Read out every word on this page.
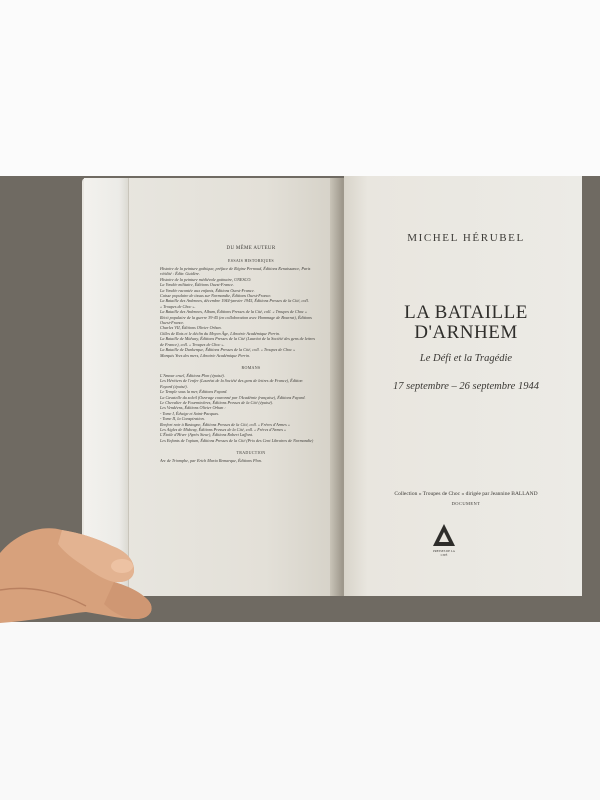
DU MÊME AUTEUR

ESSAIS HISTORIQUES

Histoire de la peinture gothique, préface de Régine Pernoud, Éditions Renaissance, Paris

réédité : Éditr. Guidère.

Histoire de la peinture médiévale gotinaire, UNESCO.

La Vendée militaire, Éditions Ouest-France.

La Vendée racontée aux enfants, Éditions Ouest-France.

Caisse populaire de tissus sur Normandie, Éditions Ouest-France.

La Bataille des Ardennes, décembre 1944-janvier 1945, Éditions Presses de la Cité, coll.

« Troupes de Choc ».

La Bataille des Ardennes, Album, Éditions Presses de la Cité, coll. « Troupes de Choc »

Récit populaire de la guerre 39-45 (en collaboration avec Hommage de Bourrat), Éditions

Ouest-France.

Charles VII, Éditions Olivier Orban.

Gilles de Rais et le déclin du Moyen Âge, Librairie Académique Perrin.

La Bataille de Midway, Éditions Presses de la Cité (Lauréat de la Société des gens de lettres

de France), coll. « Troupes de Choc ».

La Bataille de Dunkerque, Éditions Presses de la Cité, coll. « Troupes de Choc »

Marquis Yves des mers, Librairie Académique Perrin.

ROMANS

L'Amour cruel, Éditions Plon (épuisé).

Les Héritiers de l'enfer (Lauréat de la Société des gens de lettres de France), Édition

Fayard (épuisé).

Le Temple sous la mer, Éditions Fayard.

La Cavatelle du soleil (Ouvrage couronné par l'Académie française), Éditions Fayard.

Le Chevalier de Fourminières, Éditions Presses de la Cité (épuisé).

Les Vendéens, Éditions Olivier Orban :

- Tome I, Édwige et Saint-Pacquas.

- Tome II, la Conspiration.

Renfort noir à Bastogne, Éditions Presses de la Cité, coll. « Frères d'Armes »

Les Aigles de Midway, Éditions Presses de la Cité, coll. « Frères d'Armes »

L'Étoile d'Hiver (Après Sieur), Éditions Robert Laffont.

Les Enfants de l'opium, Éditions Presses de la Cité (Prix des Cent Libraires de Normandie)

TRADUCTION

Arc de Triomphe, par Erich Maria Remarque, Éditions Plon.

MICHEL HÉRUBEL
LA BATAILLE
D'ARNHEM
Le Défi et la Tragédie
17 septembre – 26 septembre 1944
Collection « Troupes de Choc » dirigée par Jeannine BALLAND
DOCUMENT
PRESSES DE LA CITÉ
